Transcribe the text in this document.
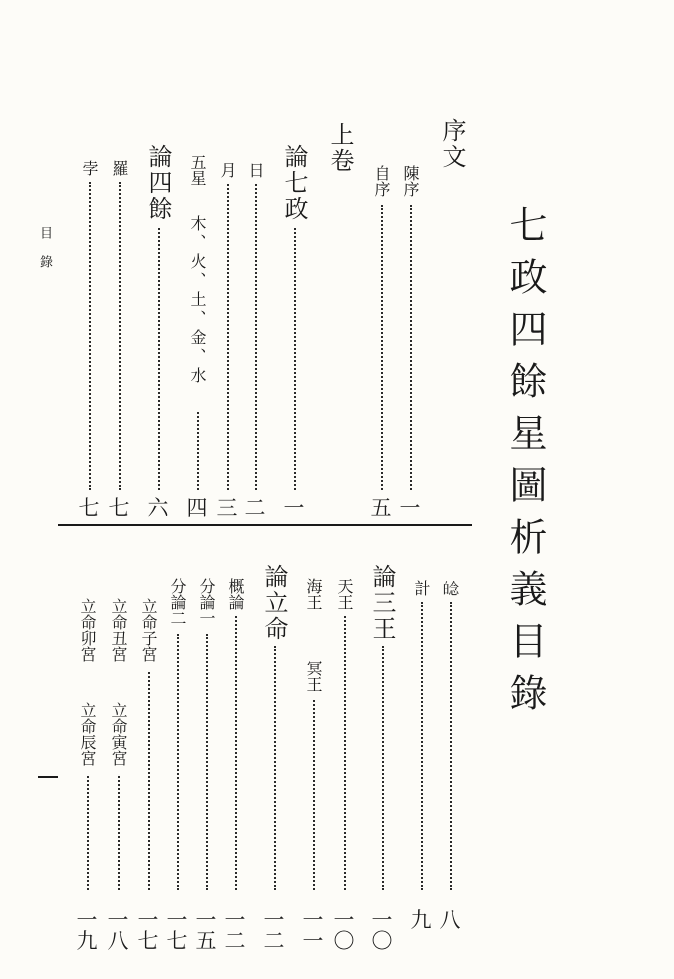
七政四餘星圖析義目錄
目錄
序文
陳序
一
自序
五
上卷
論七政
一
日
二
月
三
五星
木、火、土、金、水
四
論四餘
六
羅
七
孛
七
𤽿
八
計
九
論三王
一〇
天王
一〇
海王
冥王
一一
論立命
一二
概論
一二
分論一
一五
分論二
一七
立命子宮
一七
立命丑宮
立命寅宮
一八
立命卯宮
立命辰宮
一九
